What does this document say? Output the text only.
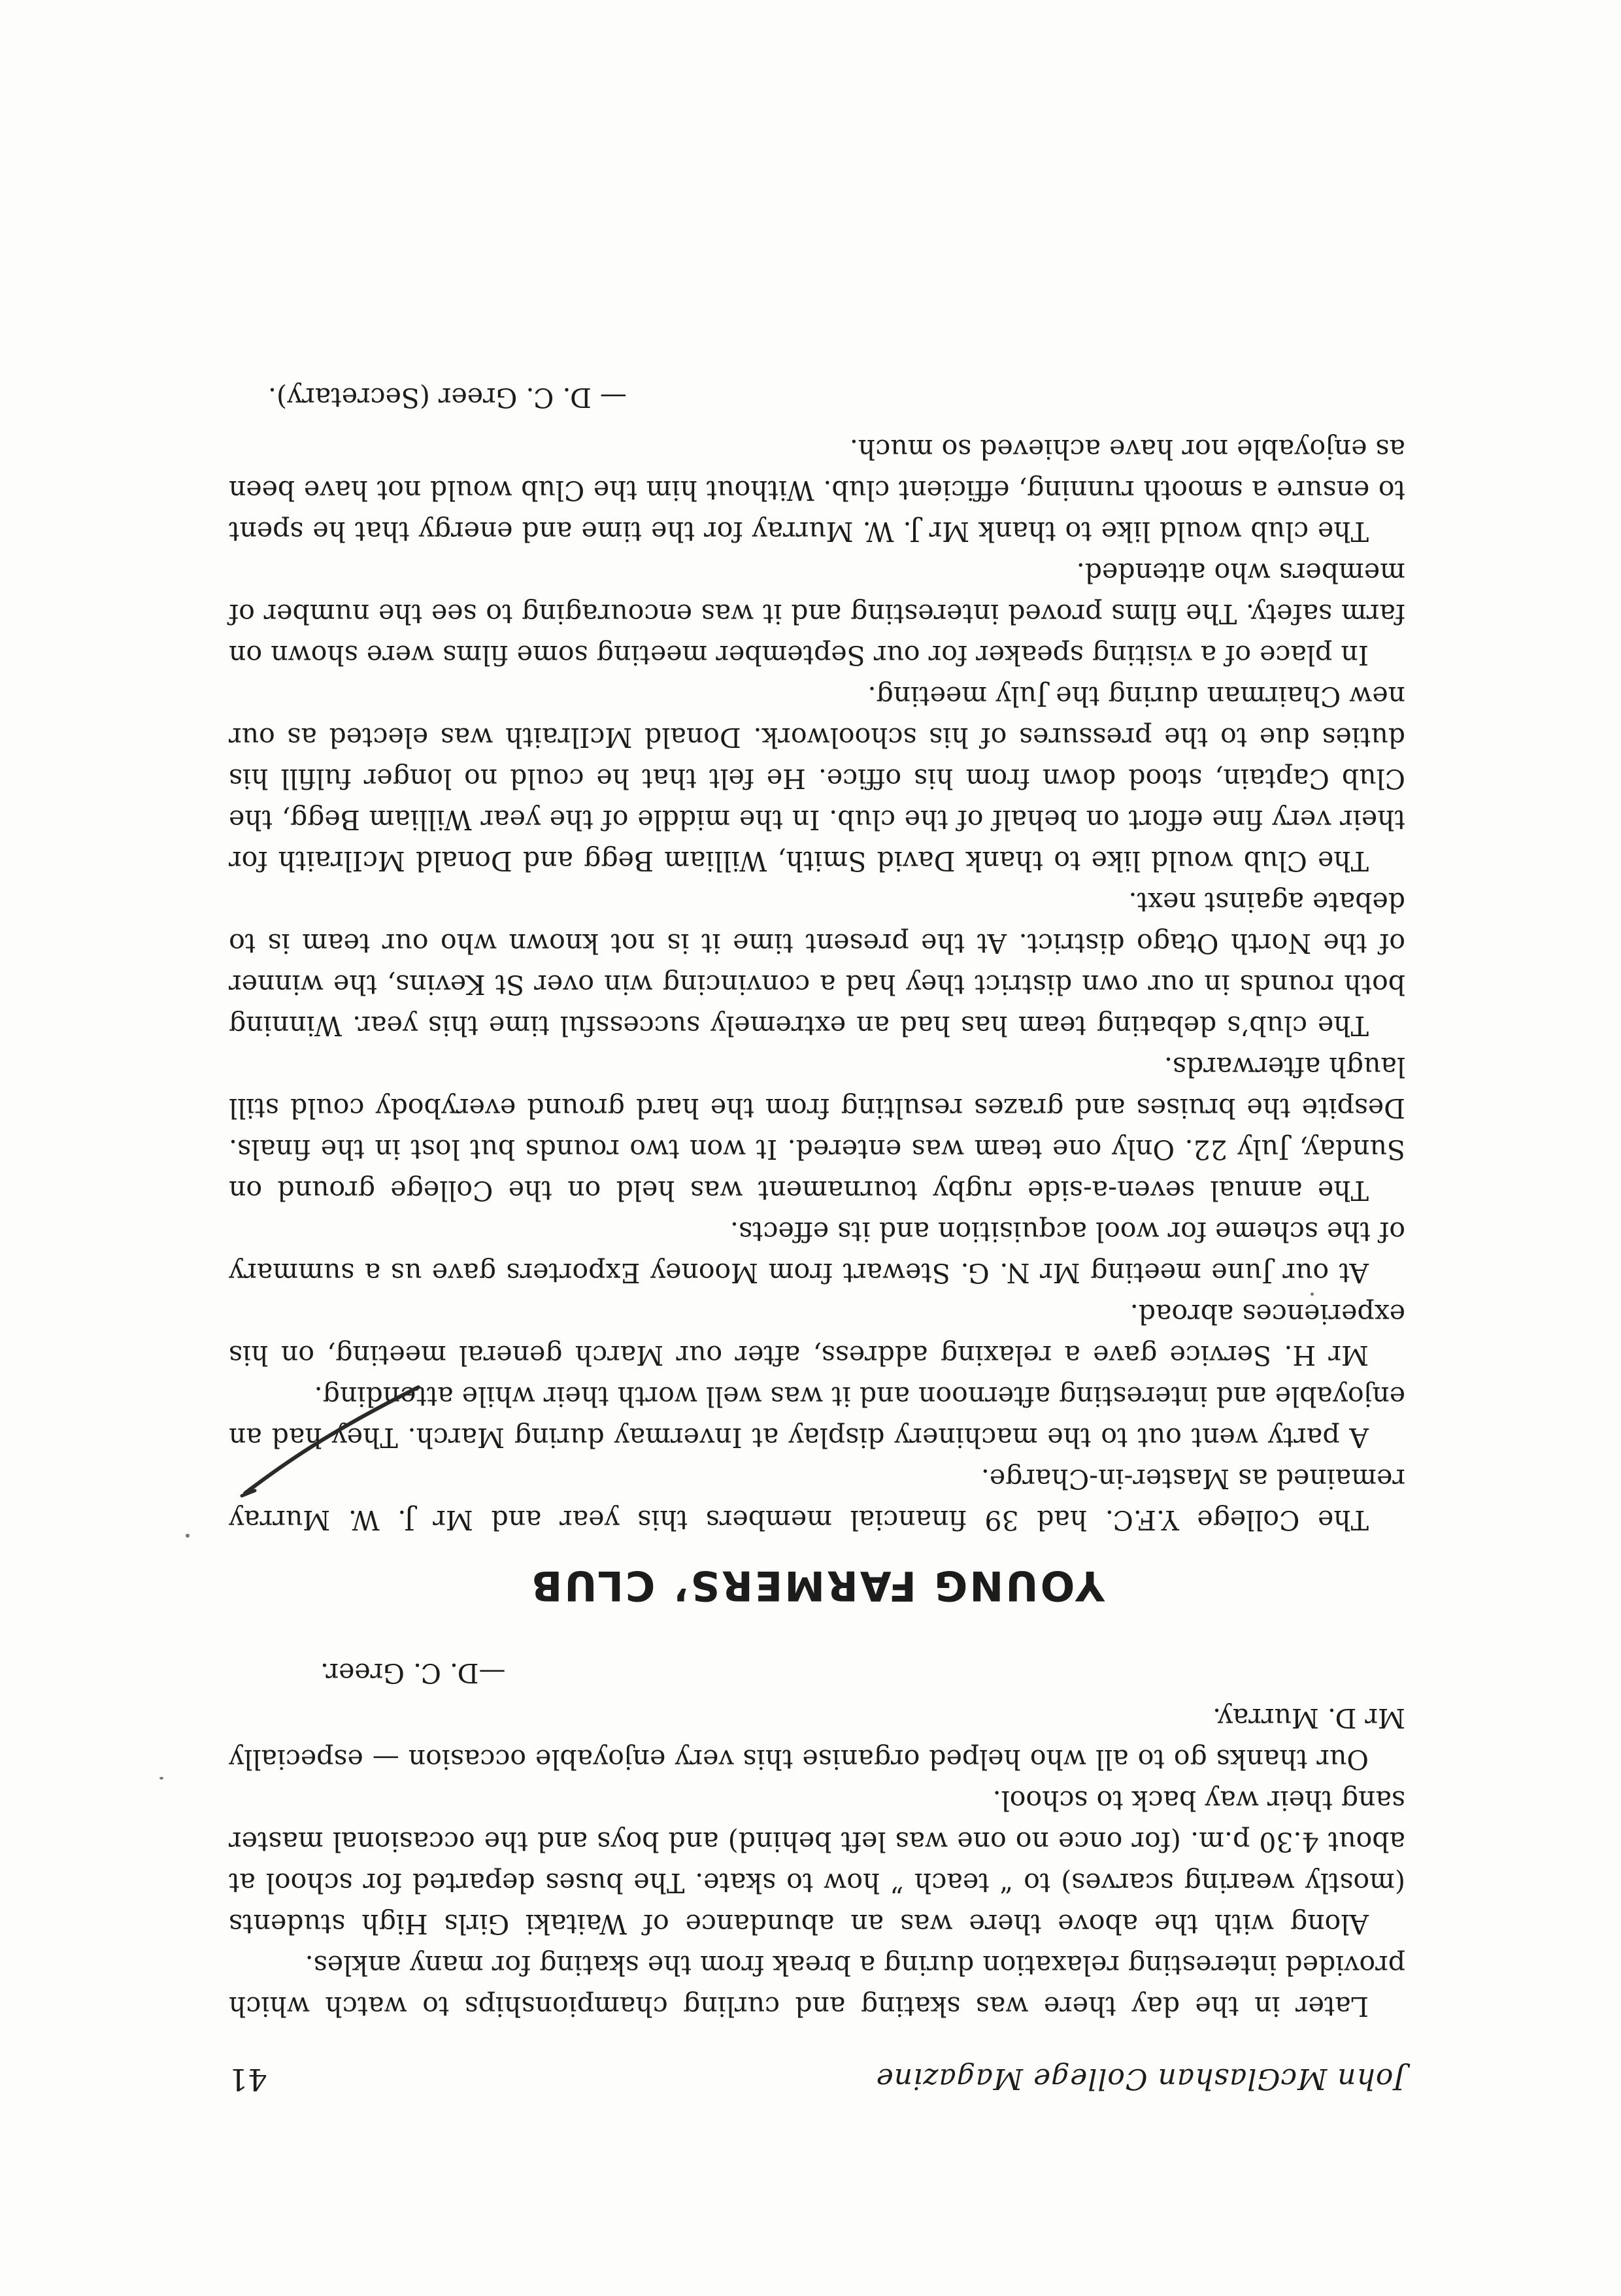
John McGlashan College Magazine
41

Later in the day there was skating and curling championships to watch which provided interesting relaxation during a break from the skating for many ankles.

Along with the above there was an abundance of Waitaki Girls High students (mostly wearing scarves) to “ teach ” how to skate. The buses departed for school at about 4.30 p.m. (for once no one was left behind) and boys and the occasional master sang their way back to school.

Our thanks go to all who helped organise this very enjoyable occasion — especially Mr D. Murray.

—D. C. Greer.
YOUNG FARMERS’ CLUB

The College Y.F.C. had 39 financial members this year and Mr J. W. Murray remained as Master-in-Charge.

A party went out to the machinery display at Invermay during March. They had an enjoyable and interesting afternoon and it was well worth their while attending.

Mr H. Service gave a relaxing address, after our March general meeting, on his experiences abroad.

At our June meeting Mr N. G. Stewart from Mooney Exporters gave us a summary of the scheme for wool acquisition and its effects.

The annual seven-a-side rugby tournament was held on the College ground on Sunday, July 22. Only one team was entered. It won two rounds but lost in the finals. Despite the bruises and grazes resulting from the hard ground everybody could still laugh afterwards.

The club’s debating team has had an extremely successful time this year. Winning both rounds in our own district they had a convincing win over St Kevins, the winner of the North Otago district. At the present time it is not known who our team is to debate against next.

The Club would like to thank David Smith, William Begg and Donald McIlraith for their very fine effort on behalf of the club. In the middle of the year William Begg, the Club Captain, stood down from his office. He felt that he could no longer fulfill his duties due to the pressures of his schoolwork. Donald McIlraith was elected as our new Chairman during the July meeting.

In place of a visiting speaker for our September meeting some films were shown on farm safety. The films proved interesting and it was encouraging to see the number of members who attended.

The club would like to thank Mr J. W. Murray for the time and energy that he spent to ensure a smooth running, efficient club. Without him the Club would not have been as enjoyable nor have achieved so much.

— D. C. Greer (Secretary).
